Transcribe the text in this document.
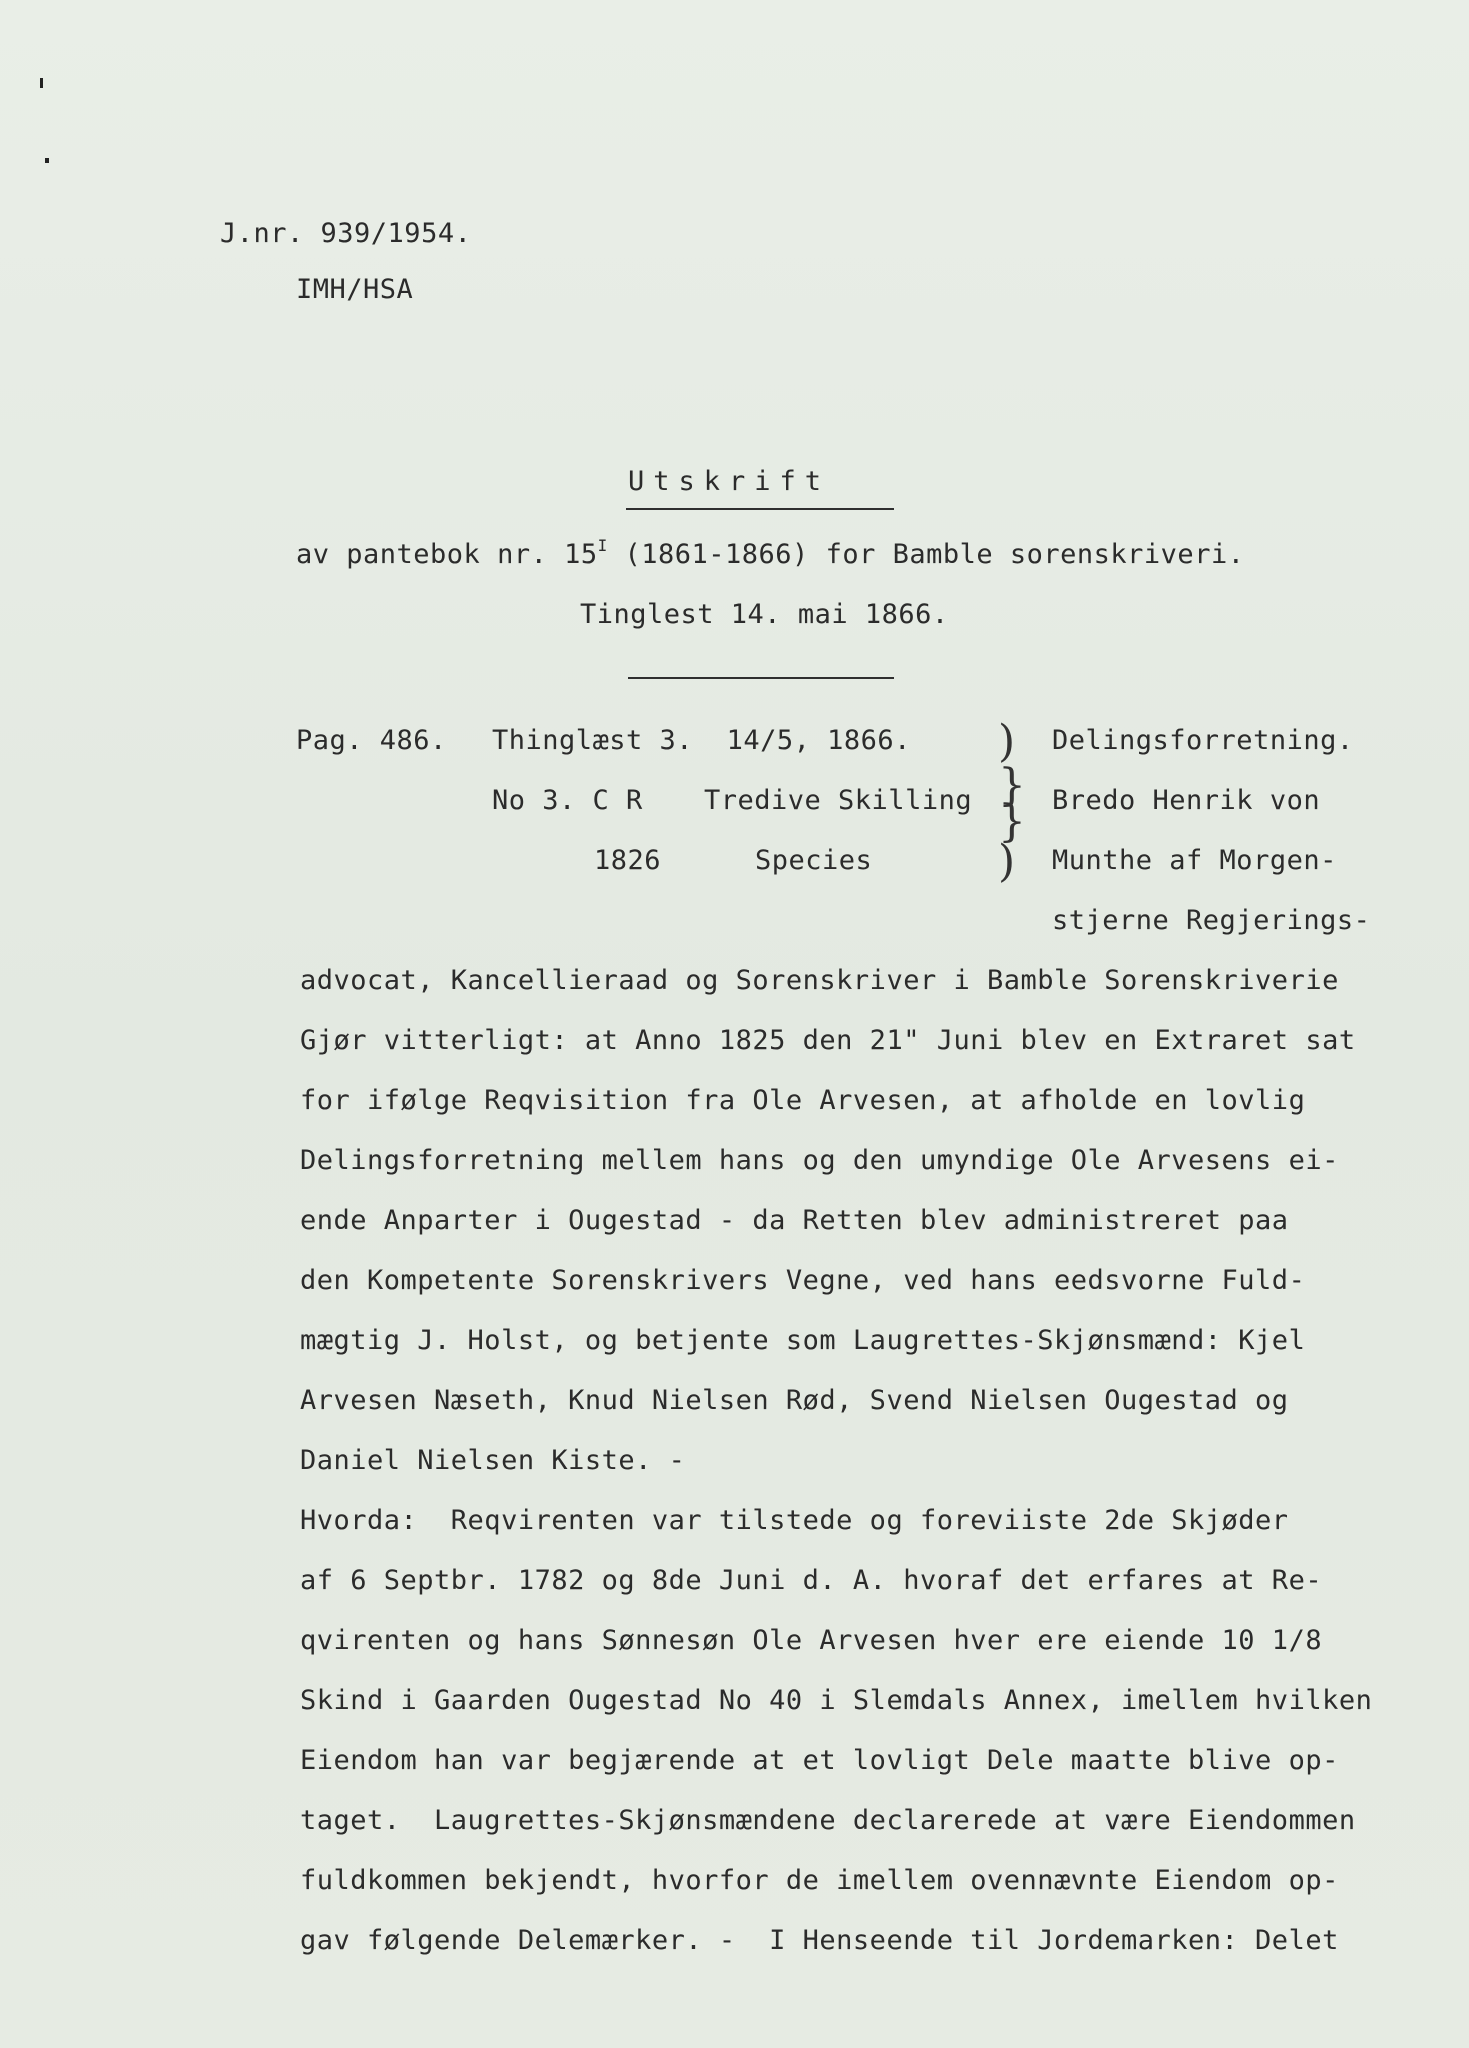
J.nr. 939/1954.
IMH/HSA
Utskrift
av pantebok nr. $15^I$ (1861-1866) for Bamble sorenskriveri.
Tinglest 14. mai 1866.
Pag. 486. Thinglæst 3.  14/5, 1866.
No 3. C R
1826
Tredive Skilling
Species
)
}
}
)
Delingsforretning.
Bredo Henrik von
Munthe af Morgen-
stjerne Regjerings-
advocat, Kancellieraad og Sorenskriver i Bamble Sorenskriverie
Gjør vitterligt: at Anno 1825 den 21" Juni blev en Extraret sat
for ifølge Reqvisition fra Ole Arvesen, at afholde en lovlig
Delingsforretning mellem hans og den umyndige Ole Arvesens ei-
ende Anparter i Ougestad - da Retten blev administreret paa
den Kompetente Sorenskrivers Vegne, ved hans eedsvorne Fuld-
mægtig J. Holst, og betjente som Laugrettes-Skjønsmænd: Kjel
Arvesen Næseth, Knud Nielsen Rød, Svend Nielsen Ougestad og
Daniel Nielsen Kiste. -
Hvorda:  Reqvirenten var tilstede og foreviiste 2de Skjøder
af 6 Septbr. 1782 og 8de Juni d. A. hvoraf det erfares at Re-
qvirenten og hans Sønnesøn Ole Arvesen hver ere eiende 10 1/8
Skind i Gaarden Ougestad No 40 i Slemdals Annex, imellem hvilken
Eiendom han var begjærende at et lovligt Dele maatte blive op-
taget.  Laugrettes-Skjønsmændene declarerede at være Eiendommen
fuldkommen bekjendt, hvorfor de imellem ovennævnte Eiendom op-
gav følgende Delemærker. -  I Henseende til Jordemarken: Delet
